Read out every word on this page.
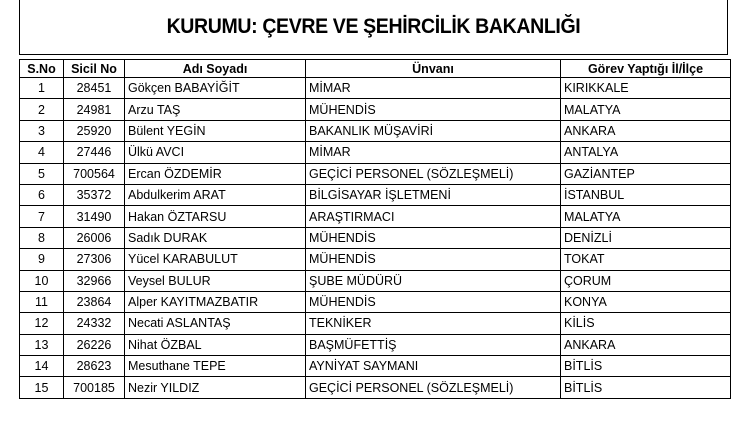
KURUMU: ÇEVRE VE ŞEHİRCİLİK BAKANLIĞI
S.No	Sicil No	Adı Soyadı	Ünvanı	Görev Yaptığı İl/İlçe
1	28451	Gökçen BABAYİĞİT	MİMAR	KIRIKKALE
2	24981	Arzu TAŞ	MÜHENDİS	MALATYA
3	25920	Bülent YEGİN	BAKANLIK MÜŞAVİRİ	ANKARA
4	27446	Ülkü AVCI	MİMAR	ANTALYA
5	700564	Ercan ÖZDEMİR	GEÇİCİ PERSONEL (SÖZLEŞMELİ)	GAZİANTEP
6	35372	Abdulkerim ARAT	BİLGİSAYAR İŞLETMENİ	İSTANBUL
7	31490	Hakan ÖZTARSU	ARAŞTIRMACI	MALATYA
8	26006	Sadık DURAK	MÜHENDİS	DENİZLİ
9	27306	Yücel KARABULUT	MÜHENDİS	TOKAT
10	32966	Veysel BULUR	ŞUBE MÜDÜRÜ	ÇORUM
11	23864	Alper KAYITMAZBATIR	MÜHENDİS	KONYA
12	24332	Necati ASLANTAŞ	TEKNİKER	KİLİS
13	26226	Nihat ÖZBAL	BAŞMÜFETTİŞ	ANKARA
14	28623	Mesuthane TEPE	AYNİYAT SAYMANI	BİTLİS
15	700185	Nezir YILDIZ	GEÇİCİ PERSONEL (SÖZLEŞMELİ)	BİTLİS
